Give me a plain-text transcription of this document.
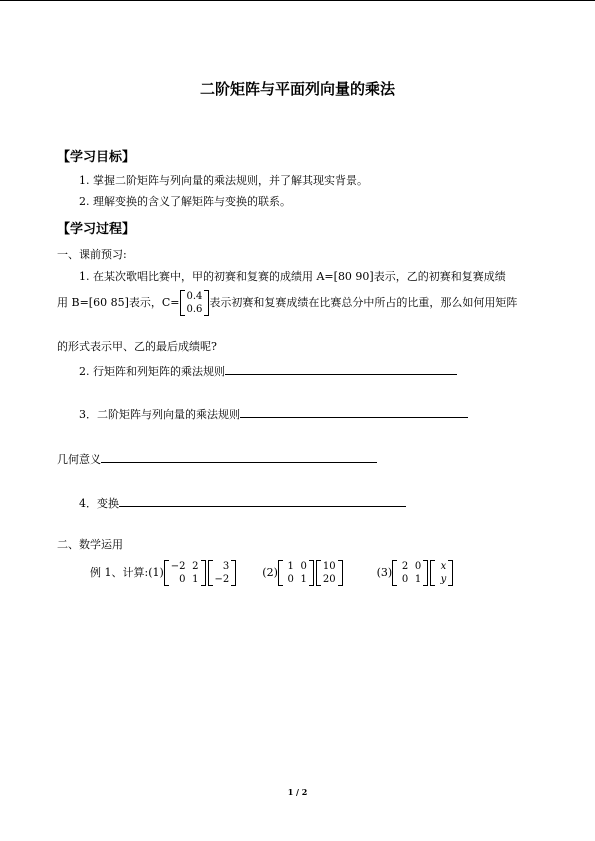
二阶矩阵与平面列向量的乘法
【学习目标】
1. 掌握二阶矩阵与列向量的乘法规则，并了解其现实背景。
2. 理解变换的含义了解矩阵与变换的联系。
【学习过程】
一、课前预习:
1. 在某次歌唱比赛中，甲的初赛和复赛的成绩用 A=[80 90]表示，乙的初赛和复赛成绩
用 B=[60 85]表示，C= 0.4
0.6
表示初赛和复赛成绩在比赛总分中所占的比重，那么如何用矩阵
的形式表示甲、乙的最后成绩呢?
2. 行矩阵和列矩阵的乘法规则
3．二阶矩阵与列向量的乘法规则
几何意义
4．变换
二、数学运用
例 1、计算: (1) −2
0
2
1
3
−2
(2) 1
0
0
1
10
20
(3) 2
0
0
1
x
y
1 / 2
